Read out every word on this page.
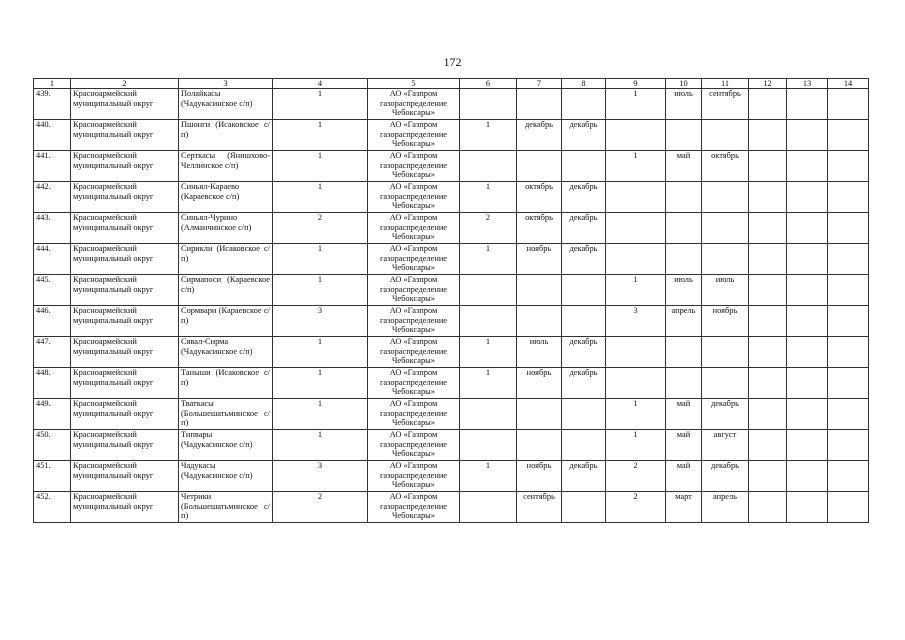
172
1	2	3	4	5	6	7	8	9	10	11	12	13	14
439.	Красноармейский муниципальный округ	Полайкасы (Чадукасинское с/п)	1	АО «Газпром газораспределение Чебоксары»				1	июль	сентябрь			
440.	Красноармейский муниципальный округ	Пшонги (Исаковское с/п)	1	АО «Газпром газораспределение Чебоксары»	1	декабрь	декабрь						
441.	Красноармейский муниципальный округ	Серткасы (Янишхово-Челлинское с/п)	1	АО «Газпром газораспределение Чебоксары»				1	май	октябрь			
442.	Красноармейский муниципальный округ	Синьял-Караево (Караевское с/п)	1	АО «Газпром газораспределение Чебоксары»	1	октябрь	декабрь						
443.	Красноармейский муниципальный округ	Синьял-Чурино (Алманчинское с/п)	2	АО «Газпром газораспределение Чебоксары»	2	октябрь	декабрь						
444.	Красноармейский муниципальный округ	Сирикли (Исаковское с/п)	1	АО «Газпром газораспределение Чебоксары»	1	ноябрь	декабрь						
445.	Красноармейский муниципальный округ	Сирмапоси (Караевское с/п)	1	АО «Газпром газораспределение Чебоксары»				1	июль	июль			
446.	Красноармейский муниципальный округ	Сормвари (Караевское с/п)	3	АО «Газпром газораспределение Чебоксары»				3	апрель	ноябрь			
447.	Красноармейский муниципальный округ	Сявал-Сирма (Чадукасинское с/п)	1	АО «Газпром газораспределение Чебоксары»	1	июль	декабрь						
448.	Красноармейский муниципальный округ	Таныши (Исаковское с/п)	1	АО «Газпром газораспределение Чебоксары»	1	ноябрь	декабрь						
449.	Красноармейский муниципальный округ	Тваткасы (Большешатьминское с/п)	1	АО «Газпром газораспределение Чебоксары»				1	май	декабрь			
450.	Красноармейский муниципальный округ	Типвары (Чадукасинское с/п)	1	АО «Газпром газораспределение Чебоксары»				1	май	август			
451.	Красноармейский муниципальный округ	Чадукасы (Чадукасинское с/п)	3	АО «Газпром газораспределение Чебоксары»	1	ноябрь	декабрь	2	май	декабрь			
452.	Красноармейский муниципальный округ	Четрики (Большешатьминское с/п)	2	АО «Газпром газораспределение Чебоксары»		сентябрь		2	март	апрель			
